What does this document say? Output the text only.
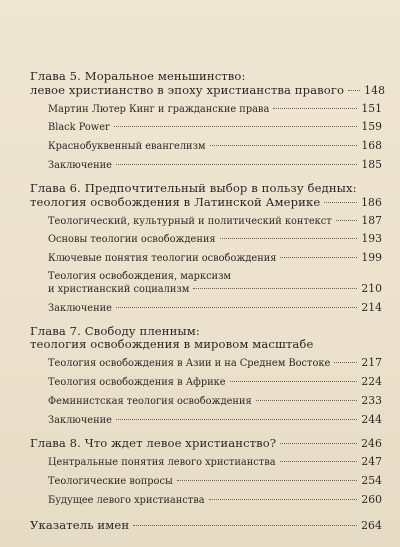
Глава 5. Моральное меньшинство:
левое христианство в эпоху христианства правого 148
Мартин Лютер Кинг и гражданские права	151
Black Power	159
Краснобуквенный евангелизм	168
Заключение	185
Глава 6. Предпочтительный выбор в пользу бедных:
теология освобождения в Латинской Америке	186
Теологический, культурный и политический контекст	187
Основы теологии освобождения	193
Ключевые понятия теологии освобождения	199
Теология освобождения, марксизм
и христианский социализм	210
Заключение	214
Глава 7. Свободу пленным:
теология освобождения в мировом масштабе
Теология освобождения в Азии и на Среднем Востоке	217
Теология освобождения в Африке	224
Феминистская теология освобождения	233
Заключение	244
Глава 8. Что ждет левое христианство?	246
Центральные понятия левого христианства	247
Теологические вопросы	254
Будущее левого христианства	260
Указатель имен	264
